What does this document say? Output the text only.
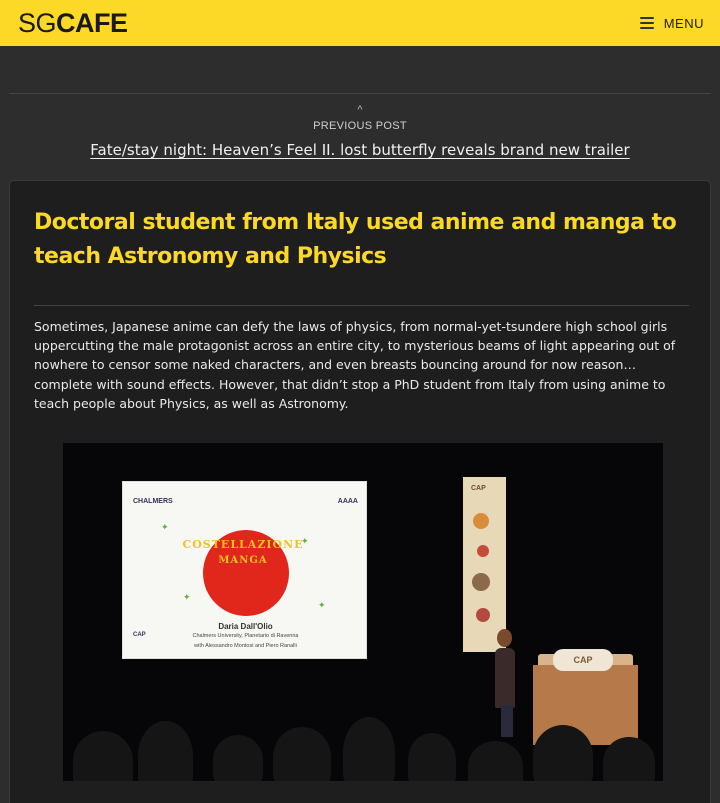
SGCAFE	MENU
^
PREVIOUS POST
Fate/stay night: Heaven’s Feel II. lost butterfly reveals brand new trailer
Doctoral student from Italy used anime and manga to teach Astronomy and Physics

Sometimes, Japanese anime can defy the laws of physics, from normal-yet-tsundere high school girls uppercutting the male protagonist across an entire city, to mysterious beams of light appearing out of nowhere to censor some naked characters, and even breasts bouncing around for now reason… complete with sound effects. However, that didn’t stop a PhD student from Italy from using anime to teach people about Physics, as well as Astronomy.

CHALMERS	AAAA
COSTELLAZIONE
MANGA
✦
✦
✦
✦
Daria Dall'Olio
Chalmers University, Planetario di Ravenna
with Alessandro Montosi and Piero Ranalli
CAP
CAP
CAP
